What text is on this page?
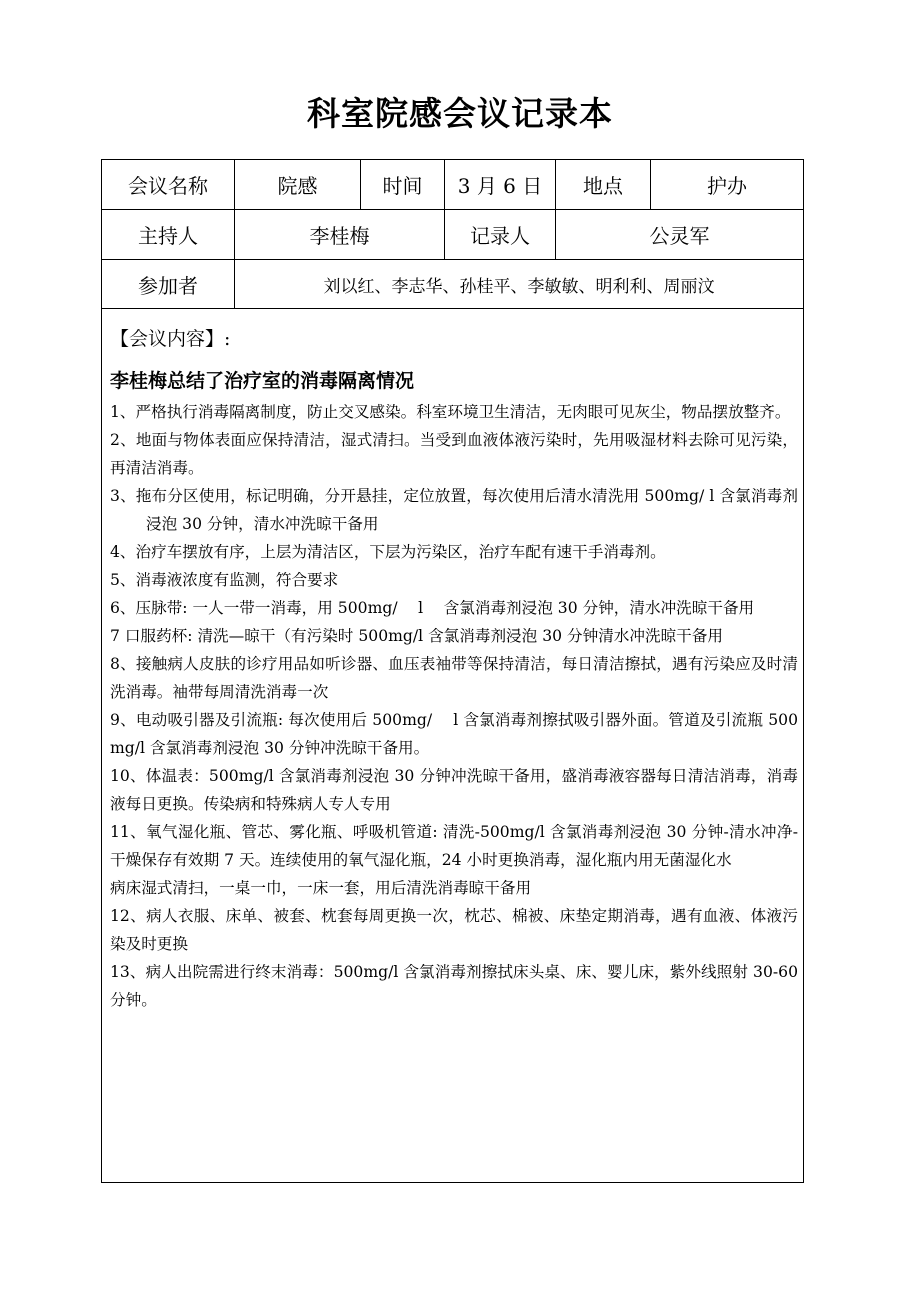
科室院感会议记录本
会议名称	院感	时间	3 月 6 日	地点	护办
主持人	李桂梅	记录人	公灵军
参加者	刘以红、李志华、孙桂平、李敏敏、明利利、周丽汶
【会议内容】:
李桂梅总结了治疗室的消毒隔离情况
1、严格执行消毒隔离制度，防止交叉感染。科室环境卫生清洁，无肉眼可见灰尘，物品摆放整齐。
2、地面与物体表面应保持清洁，湿式清扫。当受到血液体液污染时，先用吸湿材料去除可见污染，再清洁消毒。
3、拖布分区使用，标记明确，分开悬挂，定位放置，每次使用后清水清洗用 500mg/ l 含氯消毒剂浸泡 30 分钟，清水冲洗晾干备用
4、治疗车摆放有序，上层为清洁区，下层为污染区，治疗车配有速干手消毒剂。
5、消毒液浓度有监测，符合要求
6、压脉带: 一人一带一消毒，用 500mg/　 l　 含氯消毒剂浸泡 30 分钟，清水冲洗晾干备用
7 口服药杯: 清洗—晾干（有污染时 500mg/l 含氯消毒剂浸泡 30 分钟清水冲洗晾干备用
8、接触病人皮肤的诊疗用品如听诊器、血压表袖带等保持清洁，每日清洁擦拭，遇有污染应及时清洗消毒。袖带每周清洗消毒一次
9、电动吸引器及引流瓶: 每次使用后 500mg/　 l 含氯消毒剂擦拭吸引器外面。管道及引流瓶 500mg/l 含氯消毒剂浸泡 30 分钟冲洗晾干备用。
10、体温表：500mg/l 含氯消毒剂浸泡 30 分钟冲洗晾干备用，盛消毒液容器每日清洁消毒，消毒液每日更换。传染病和特殊病人专人专用
11、氧气湿化瓶、管芯、雾化瓶、呼吸机管道: 清洗-500mg/l 含氯消毒剂浸泡 30 分钟-清水冲净-干燥保存有效期 7 天。连续使用的氧气湿化瓶，24 小时更换消毒，湿化瓶内用无菌湿化水
病床湿式清扫，一桌一巾，一床一套，用后清洗消毒晾干备用
12、病人衣服、床单、被套、枕套每周更换一次，枕芯、棉被、床垫定期消毒，遇有血液、体液污染及时更换
13、病人出院需进行终末消毒：500mg/l 含氯消毒剂擦拭床头桌、床、婴儿床，紫外线照射 30-60 分钟。
